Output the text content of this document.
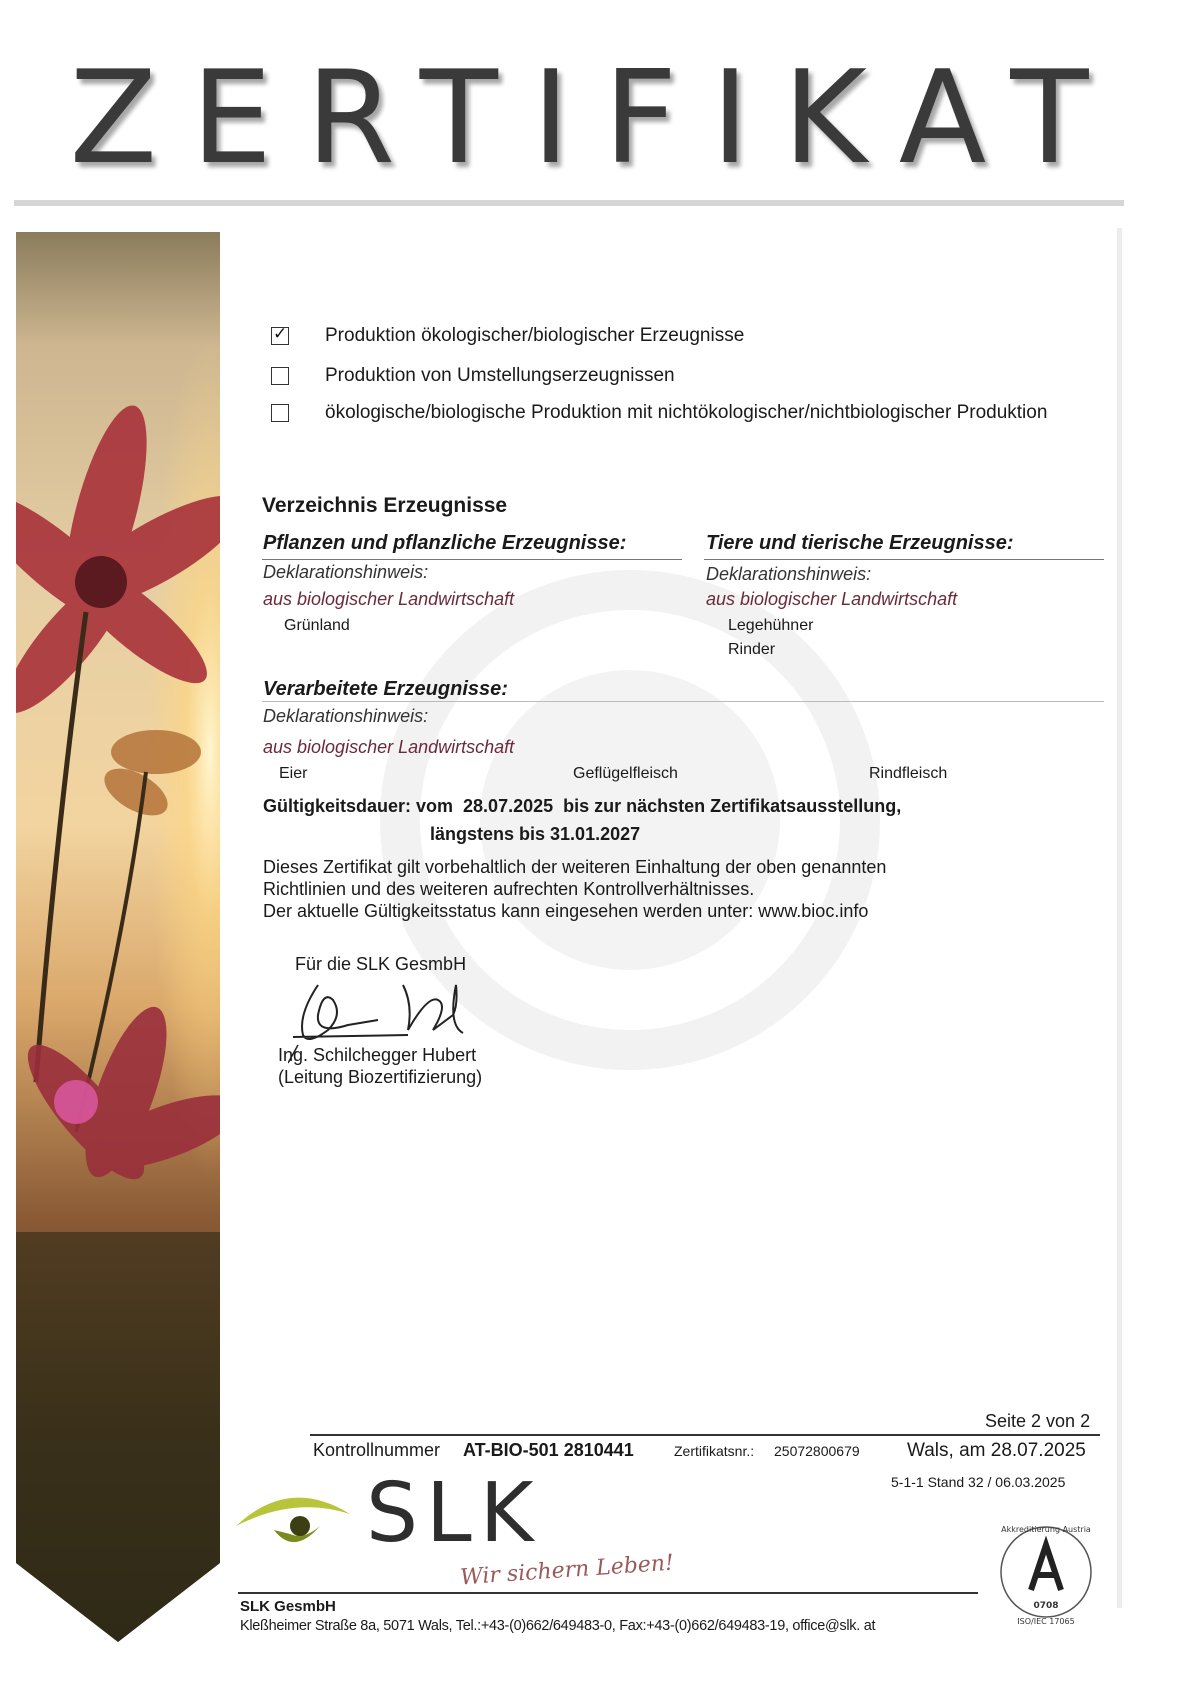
ZERTIFIKAT
✓
Produktion ökologischer/biologischer Erzeugnisse
Produktion von Umstellungserzeugnissen
ökologische/biologische Produktion mit nichtökologischer/nichtbiologischer Produktion
Verzeichnis Erzeugnisse
Pflanzen und pflanzliche Erzeugnisse:
Deklarationshinweis:
aus biologischer Landwirtschaft
Grünland
Tiere und tierische Erzeugnisse:
Deklarationshinweis:
aus biologischer Landwirtschaft
Legehühner
Rinder
Verarbeitete Erzeugnisse:
Deklarationshinweis:
aus biologischer Landwirtschaft
Eier	Geflügelfleisch	Rindfleisch
Gültigkeitsdauer: vom  28.07.2025  bis zur nächsten Zertifikatsausstellung,
längstens bis 31.01.2027
Dieses Zertifikat gilt vorbehaltlich der weiteren Einhaltung der oben genannten
Richtlinien und des weiteren aufrechten Kontrollverhältnisses.
Der aktuelle Gültigkeitsstatus kann eingesehen werden unter: www.bioc.info
Für die SLK GesmbH
Ing. Schilchegger Hubert
(Leitung Biozertifizierung)
Seite 2 von 2
Kontrollnummer AT-BIO-501 2810441	Zertifikatsnr.: 25072800679 Wals, am 28.07.2025
5-1-1 Stand 32 / 06.03.2025
SLK
Wir sichern Leben!
Akkreditierung Austria
0708
ISO/IEC 17065
SLK GesmbH
Kleßheimer Straße 8a, 5071 Wals, Tel.:+43-(0)662/649483-0, Fax:+43-(0)662/649483-19, office@slk. at
